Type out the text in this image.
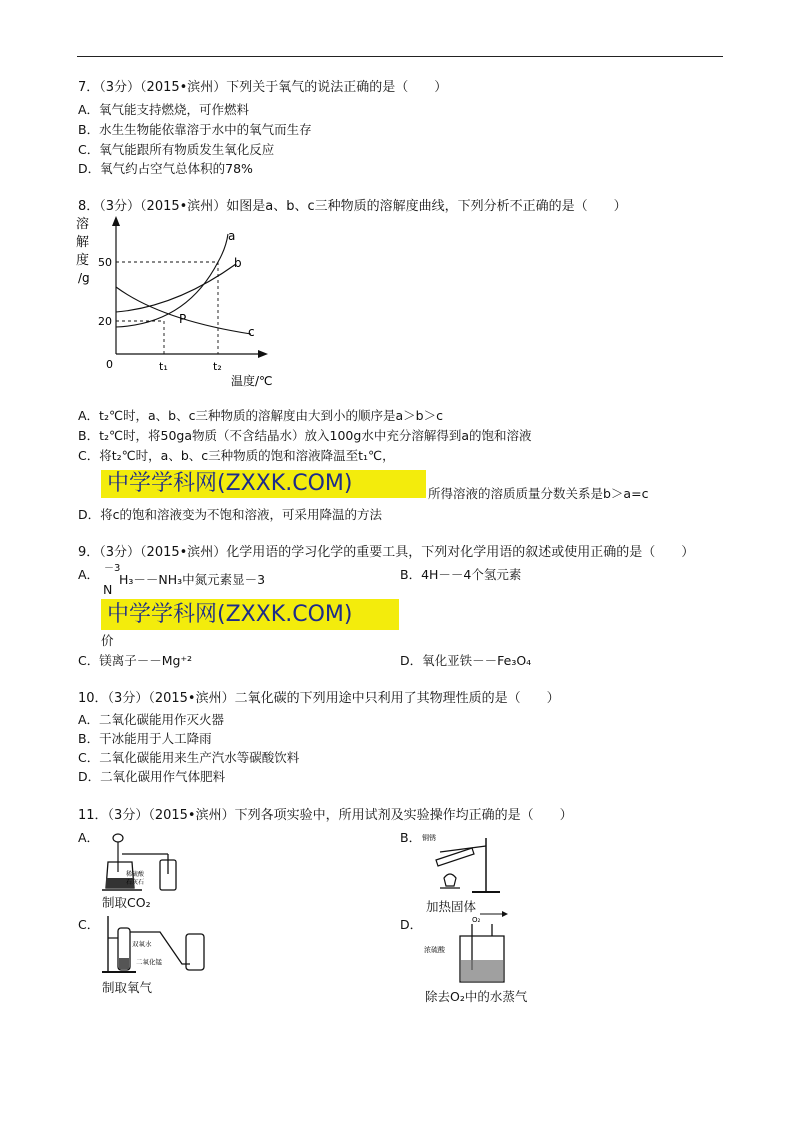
7．（3分）（2015•滨州）下列关于氧气的说法正确的是（　　）
A．氧气能支持燃烧，可作燃料
B．水生生物能依靠溶于水中的氧气而生存
C．氧气能跟所有物质发生氧化反应
D．氧气约占空气总体积的78%
8．（3分）（2015•滨州）如图是a、b、c三种物质的溶解度曲线，下列分析不正确的是（　　）
溶
解
度
/g
50
20
0
a
b
c
P
t₁	t₂
温度/℃
A．t₂℃时，a、b、c三种物质的溶解度由大到小的顺序是a＞b＞c
B．t₂℃时，将50ga物质（不含结晶水）放入100g水中充分溶解得到a的饱和溶液
C．将t₂℃时，a、b、c三种物质的饱和溶液降温至t₁℃，
中学学科网(ZXXK.COM)	所得溶液的溶质质量分数关系是b＞a=c
D．将c的饱和溶液变为不饱和溶液，可采用降温的方法
9．（3分）（2015•滨州）化学用语的学习化学的重要工具，下列对化学用语的叙述或使用正确的是（　　）
A． －3
H₃－－NH₃中氮元素显－3
N
中学学科网(ZXXK.COM)
价
B．4H－－4个氢元素
C．镁离子－－Mg⁺²	D．氧化亚铁－－Fe₃O₄
10．（3分）（2015•滨州）二氧化碳的下列用途中只利用了其物理性质的是（　　）
A．二氧化碳能用作灭火器
B．干冰能用于人工降雨
C．二氧化碳能用来生产汽水等碳酸饮料
D．二氧化碳用作气体肥料
11．（3分）（2015•滨州）下列各项实验中，所用试剂及实验操作均正确的是（　　）
A．
稀硫酸
石灰石
制取CO₂
B． 铜锈
加热固体
C．
双氧水
二氧化锰
制取氧气
D．	O₂
浓硫酸
除去O₂中的水蒸气
